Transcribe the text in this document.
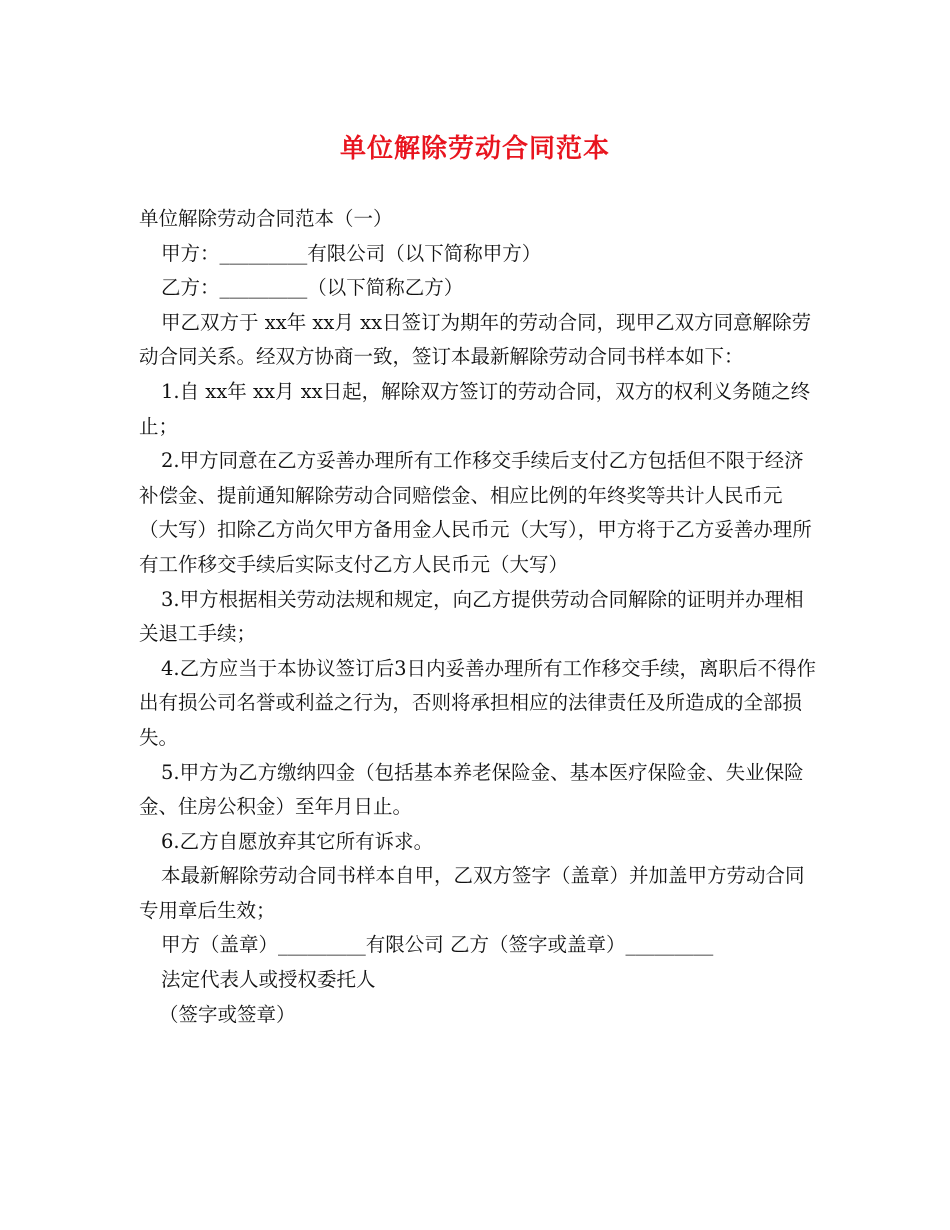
单位解除劳动合同范本

单位解除劳动合同范本（一）

甲方：_________有限公司（以下简称甲方）

乙方：_________（以下简称乙方）

甲乙双方于 xx年 xx月 xx日签订为期年的劳动合同，现甲乙双方同意解除劳动合同关系。经双方协商一致，签订本最新解除劳动合同书样本如下：

1.自 xx年 xx月 xx日起，解除双方签订的劳动合同，双方的权利义务随之终止；

2.甲方同意在乙方妥善办理所有工作移交手续后支付乙方包括但不限于经济补偿金、提前通知解除劳动合同赔偿金、相应比例的年终奖等共计人民币元（大写）扣除乙方尚欠甲方备用金人民币元（大写），甲方将于乙方妥善办理所有工作移交手续后实际支付乙方人民币元（大写）

3.甲方根据相关劳动法规和规定，向乙方提供劳动合同解除的证明并办理相关退工手续；

4.乙方应当于本协议签订后3日内妥善办理所有工作移交手续，离职后不得作出有损公司名誉或利益之行为，否则将承担相应的法律责任及所造成的全部损失。

5.甲方为乙方缴纳四金（包括基本养老保险金、基本医疗保险金、失业保险金、住房公积金）至年月日止。

6.乙方自愿放弃其它所有诉求。

本最新解除劳动合同书样本自甲，乙双方签字（盖章）并加盖甲方劳动合同专用章后生效；

甲方（盖章）_________有限公司 乙方（签字或盖章）_________

法定代表人或授权委托人

（签字或签章）
